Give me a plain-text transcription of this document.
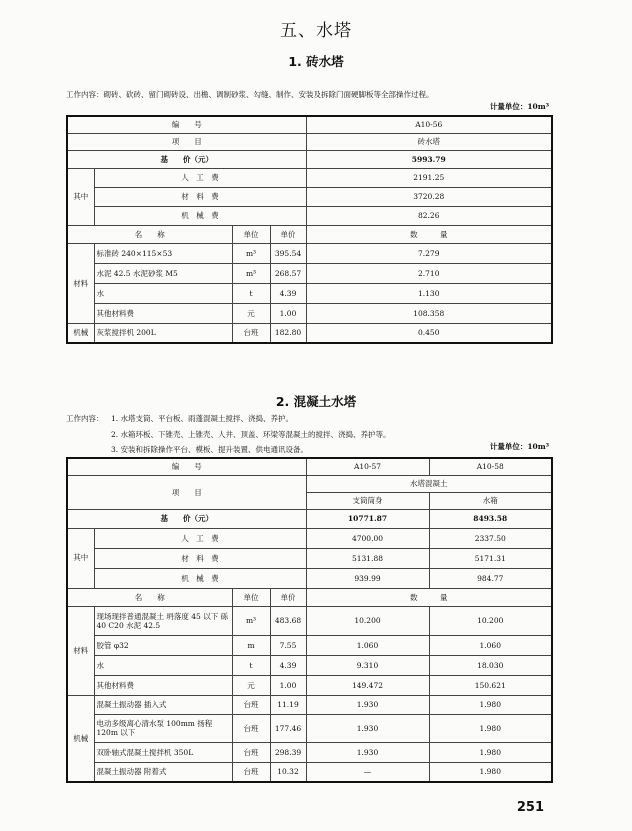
五、水塔
1. 砖水塔
工作内容：砌砖、砍砖、留门砌砖设、出檐、调制砂浆、勾缝、制作、安装及拆除门面硬脚板等全部操作过程。
计量单位：10m³
编　　号				A10-56
项　　目				砖水塔
基　　价（元）				5993.79
其中	人　工　费			2191.25
	材　料　费			3720.28
	机　械　费			82.26
名　　称		单位	单价	数　　　量
材料	标准砖 240×115×53	m³	395.54	7.279
	水泥 42.5 水泥砂浆 M5	m³	268.57	2.710
	水	t	4.39	1.130
	其他材料费	元	1.00	108.358
机械	灰浆搅拌机 200L	台班	182.80	0.450
2. 混凝土水塔
工作内容： 1. 水塔支筒、平台板、雨蓬混凝土搅拌、浇捣、养护。
2. 水箱环板、下锥壳、上锥壳、人井、顶盖、环梁等混凝土的搅拌、浇捣、养护等。
3. 安装和拆除操作平台、模板、提升装置、供电通讯设备。	计量单位：10m³
编　　号				A10-57	A10-58
项　　目				水塔混凝土	
				支筒筒身	水箱
基　　价（元）				10771.87	8493.58
其中	人　工　费			4700.00	2337.50
	材　料　费			5131.88	5171.31
	机　械　费			939.99	984.77
名　　称		单位	单价	数　　　量	
材料	现场现拌普通混凝土 坍落度 45 以下 砾 40 C20 水泥 42.5	m³	483.68	10.200	10.200
	胶管 φ32	m	7.55	1.060	1.060
	水	t	4.39	9.310	18.030
	其他材料费	元	1.00	149.472	150.621
机械	混凝土振动器 插入式	台班	11.19	1.930	1.980
	电动多级离心清水泵 100mm 扬程 120m 以下	台班	177.46	1.930	1.980
	双卧轴式混凝土搅拌机 350L	台班	298.39	1.930	1.980
	混凝土振动器 附着式	台班	10.32	—	1.980
251
